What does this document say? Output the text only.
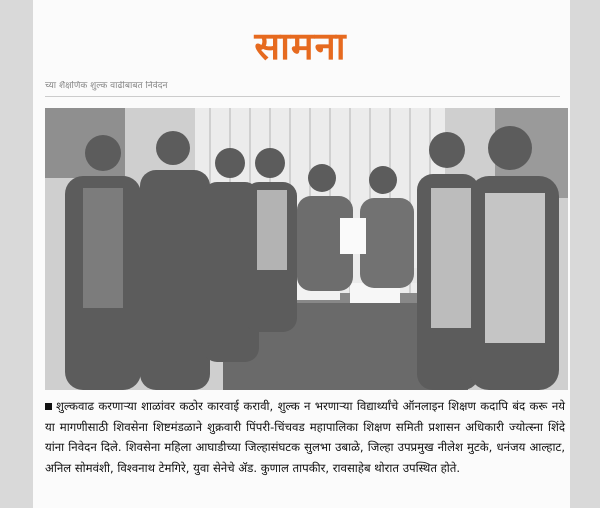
सामना
च्या शैक्षणिक शुल्क वाढीबाबत निवेदन
शुल्कवाढ करणाऱ्या शाळांवर कठोर कारवाई करावी, शुल्क न भरणाऱ्या विद्यार्थ्यांचे ऑनलाइन शिक्षण कदापि बंद करू नये या मागणीसाठी शिवसेना शिष्टमंडळाने शुक्रवारी पिंपरी-चिंचवड महापालिका शिक्षण समिती प्रशासन अधिकारी ज्योत्स्ना शिंदे यांना निवेदन दिले. शिवसेना महिला आघाडीच्या जिल्हासंघटक सुलभा उबाळे, जिल्हा उपप्रमुख नीलेश मुटके, धनंजय आल्हाट, अनिल सोमवंशी, विश्वनाथ टेमगिरे, युवा सेनेचे ॲड. कुणाल तापकीर, रावसाहेब थोरात उपस्थित होते.
